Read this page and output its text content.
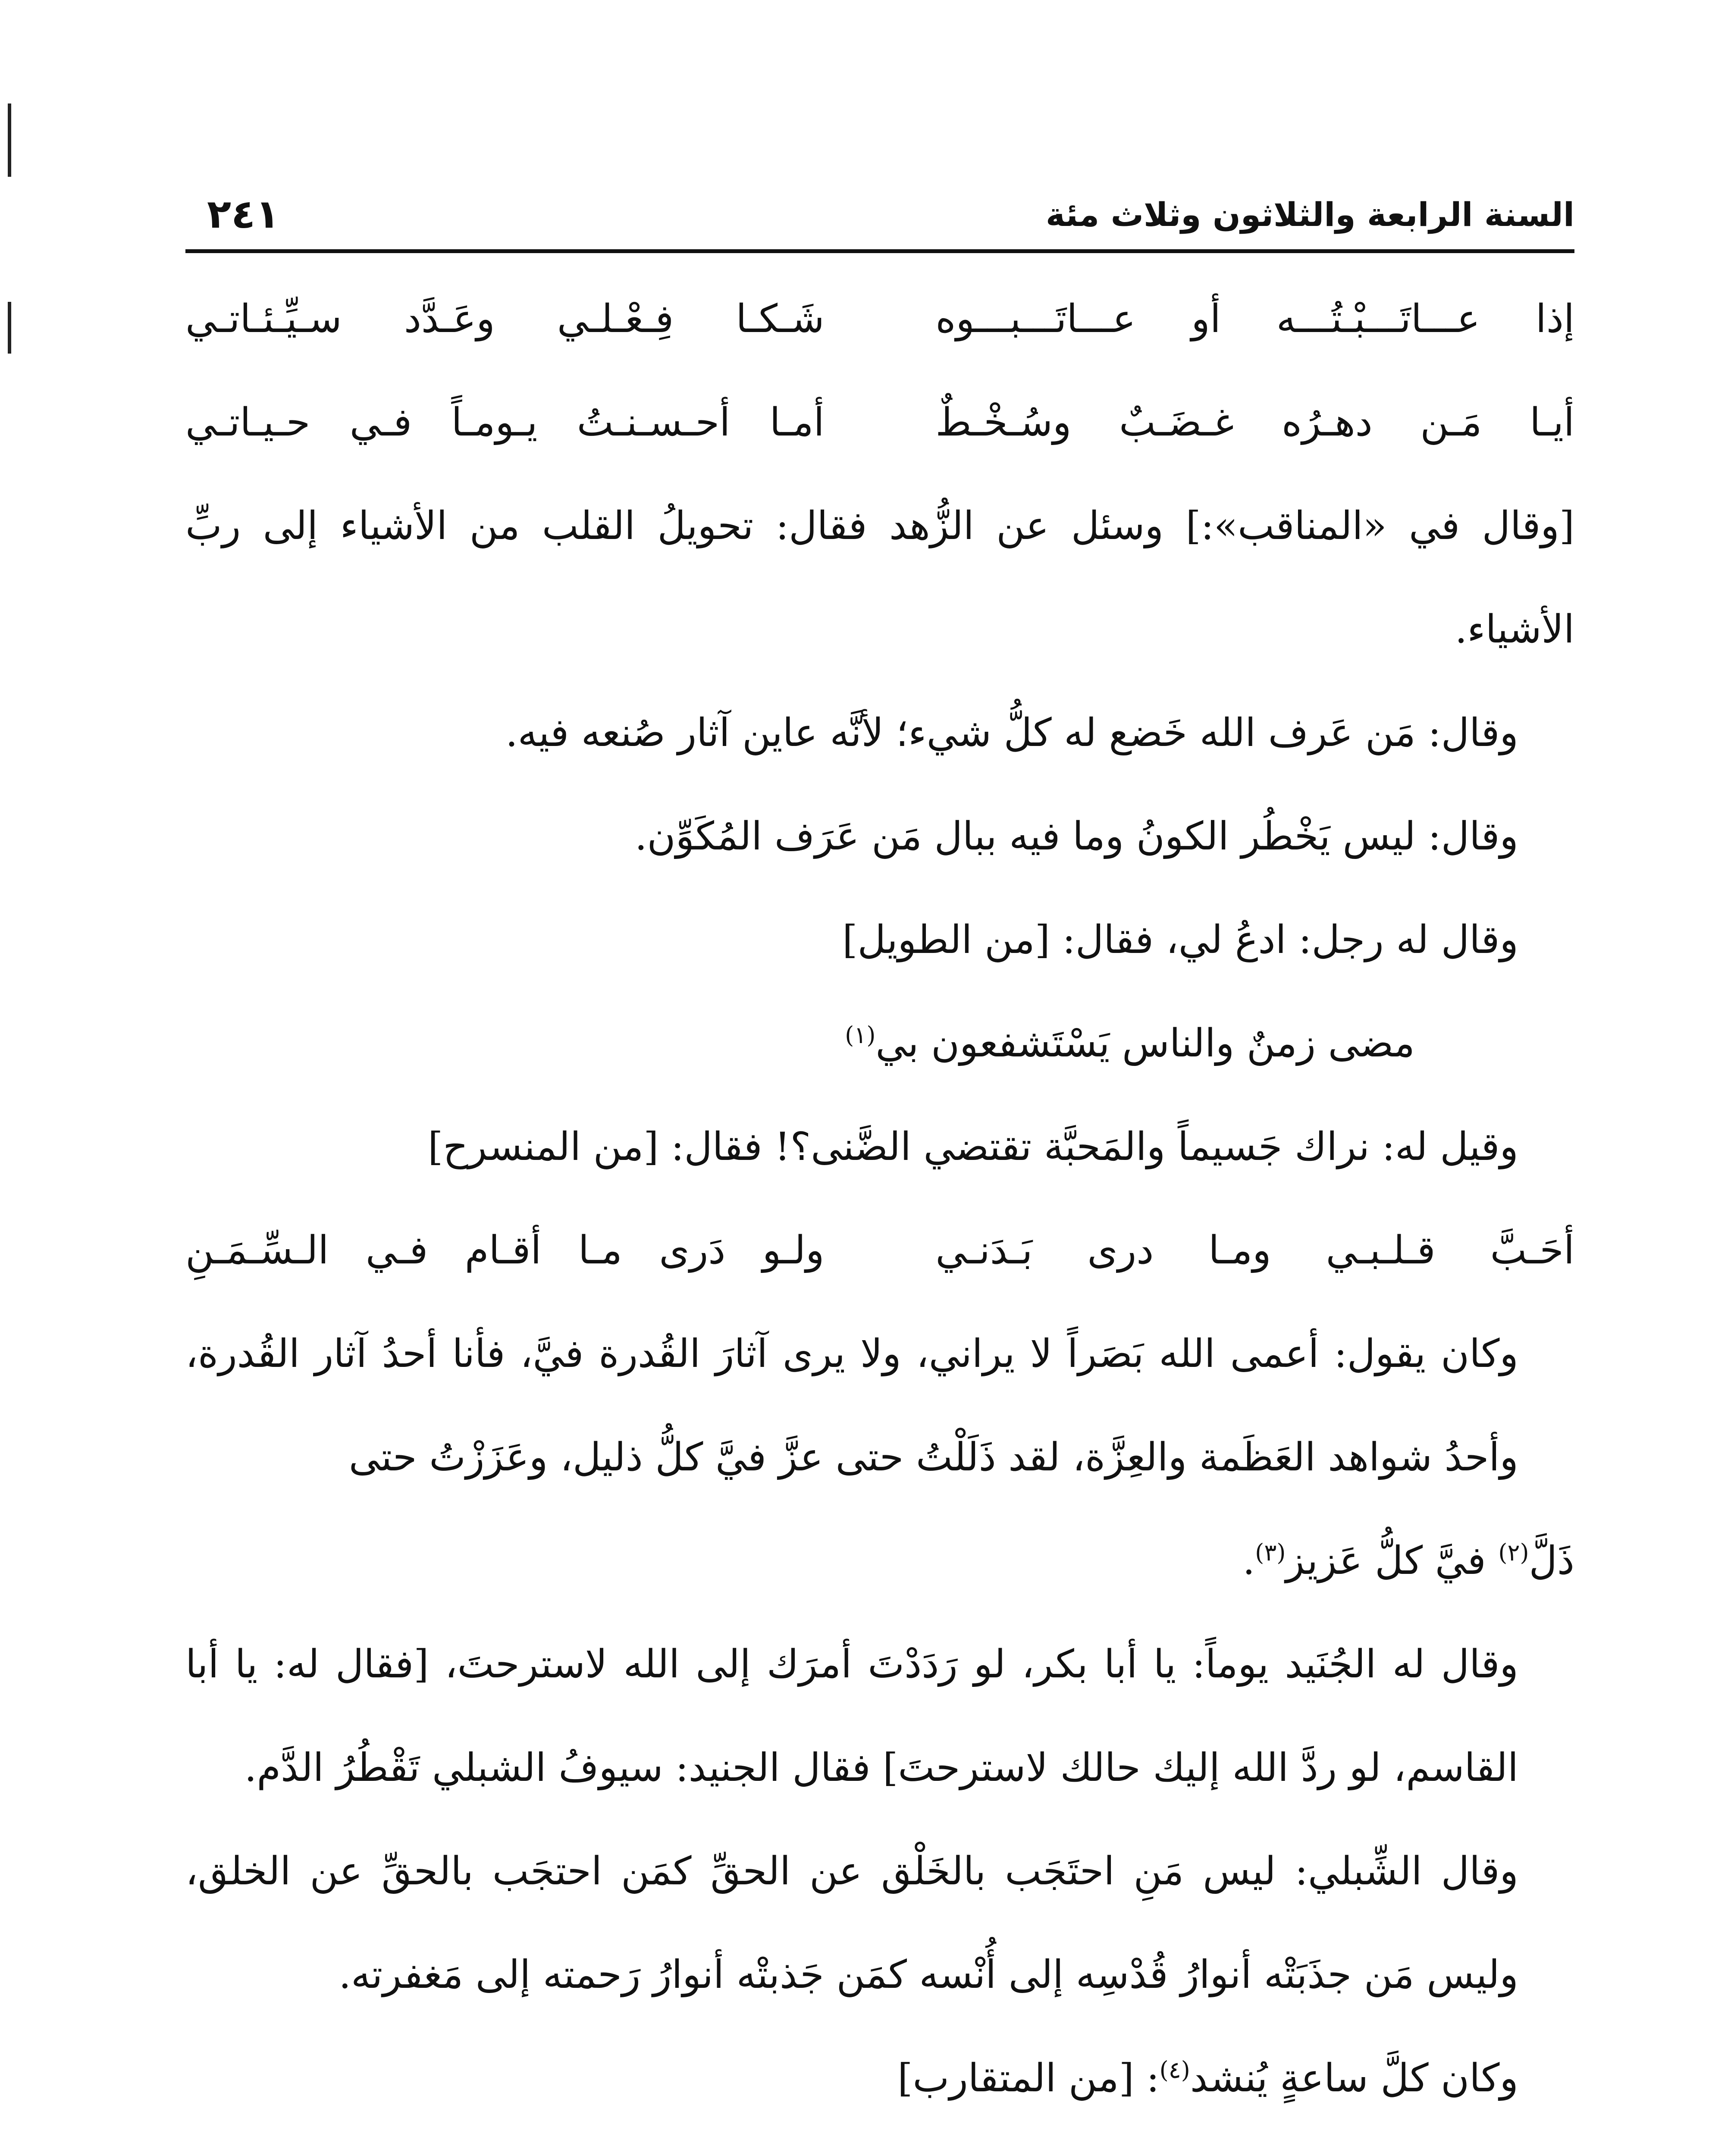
السنة الرابعة والثلاثون وثلاث مئة
٢٤١
إذا عـــاتَـــبْـتُـــه أو عـــاتَـــبـــوه
شَـكـا فِـعْـلـي وعَـدَّد سـيِّـئـاتـي
أيـا مَـن دهـرُه غـضَـبٌ وسُـخْـطٌ
أمـا أحـسـنـتُ يـومـاً فـي حـيـاتـي
[وقال في «المناقب»:] وسئل عن الزُّهد فقال: تحويلُ القلب من الأشياء إلى ربِّ الأشياء.
وقال: مَن عَرف الله خَضع له كلُّ شيء؛ لأنَّه عاين آثار صُنعه فيه.
وقال: ليس يَخْطُر الكونُ وما فيه ببال مَن عَرَف المُكَوِّن.
وقال له رجل: ادعُ لي، فقال: [من الطويل]
مضى زمنٌ والناس يَسْتَشفعون بي$^{(١)}$
وقيل له: نراك جَسيماً والمَحبَّة تقتضي الضَّنى؟! فقال: [من المنسرح]
أحَـبَّ قـلـبـي ومـا درى بَـدَنـي
ولـو دَرى مـا أقـام فـي الـسِّـمَـنِ
وكان يقول: أعمى الله بَصَراً لا يراني، ولا يرى آثارَ القُدرة فيَّ، فأنا أحدُ آثار القُدرة، وأحدُ شواهد العَظَمة والعِزَّة، لقد ذَلَلْتُ حتى عزَّ فيَّ كلُّ ذليل، وعَزَزْتُ حتى
ذَلَّ$^{(٢)}$ فيَّ كلُّ عَزيز$^{(٣)}$.
وقال له الجُنَيد يوماً: يا أبا بكر، لو رَدَدْتَ أمرَك إلى الله لاسترحتَ، [فقال له: يا أبا القاسم، لو ردَّ الله إليك حالك لاسترحتَ] فقال الجنيد: سيوفُ الشبلي تَقْطُرُ الدَّم.
وقال الشِّبلي: ليس مَنِ احتَجَب بالخَلْق عن الحقِّ كمَن احتجَب بالحقِّ عن الخلق، وليس مَن جذَبَتْه أنوارُ قُدْسِه إلى أُنْسه كمَن جَذبتْه أنوارُ رَحمته إلى مَغفرته.
وكان كلَّ ساعةٍ يُنشد$^{(٤)}$: [من المتقارب]
